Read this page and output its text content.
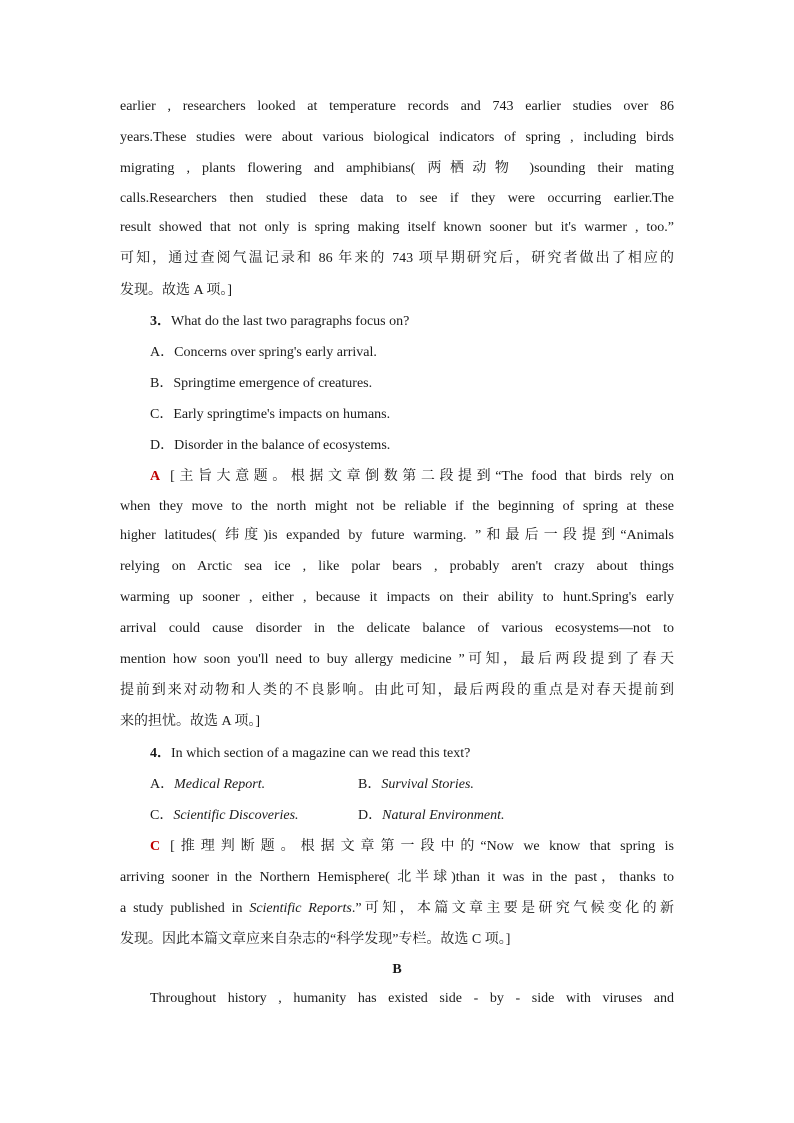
earlier , researchers looked at temperature records and 743 earlier studies over 86
years.These studies were about various biological indicators of spring , including birds
migrating , plants flowering and amphibians( 两栖动物 )sounding their mating
calls.Researchers then studied these data to see if they were occurring earlier.The
result showed that not only is spring making itself known sooner but it's warmer , too.”
可知，通过查阅气温记录和 86 年来的 743 项早期研究后，研究者做出了相应的
发现。故选 A 项。]
3．What do the last two paragraphs focus on?
A．Concerns over spring's early arrival.
B．Springtime emergence of creatures.
C．Early springtime's impacts on humans.
D．Disorder in the balance of ecosystems.
A [主旨大意题。根据文章倒数第二段提到“The food that birds rely on
when they move to the north might not be reliable if the beginning of spring at these
higher latitudes( 纬度)is expanded by future warming. ”和最后一段提到“Animals
relying on Arctic sea ice , like polar bears , probably aren't crazy about things
warming up sooner , either , because it impacts on their ability to hunt.Spring's early
arrival could cause disorder in the delicate balance of various ecosystems—not to
mention how soon you'll need to buy allergy medicine ”可知，最后两段提到了春天
提前到来对动物和人类的不良影响。由此可知，最后两段的重点是对春天提前到
来的担忧。故选 A 项。]
4．In which section of a magazine can we read this text?
A．Medical Report.	B．Survival Stories.
C．Scientific Discoveries.	D．Natural Environment.
C [推理判断题。根据文章第一段中的“Now we know that spring is
arriving sooner in the Northern Hemisphere( 北半球)than it was in the past，thanks to
a study published in Scientific Reports.”可知，本篇文章主要是研究气候变化的新
发现。因此本篇文章应来自杂志的“科学发现”专栏。故选 C 项。]
B
Throughout history , humanity has existed side - by - side with viruses and
